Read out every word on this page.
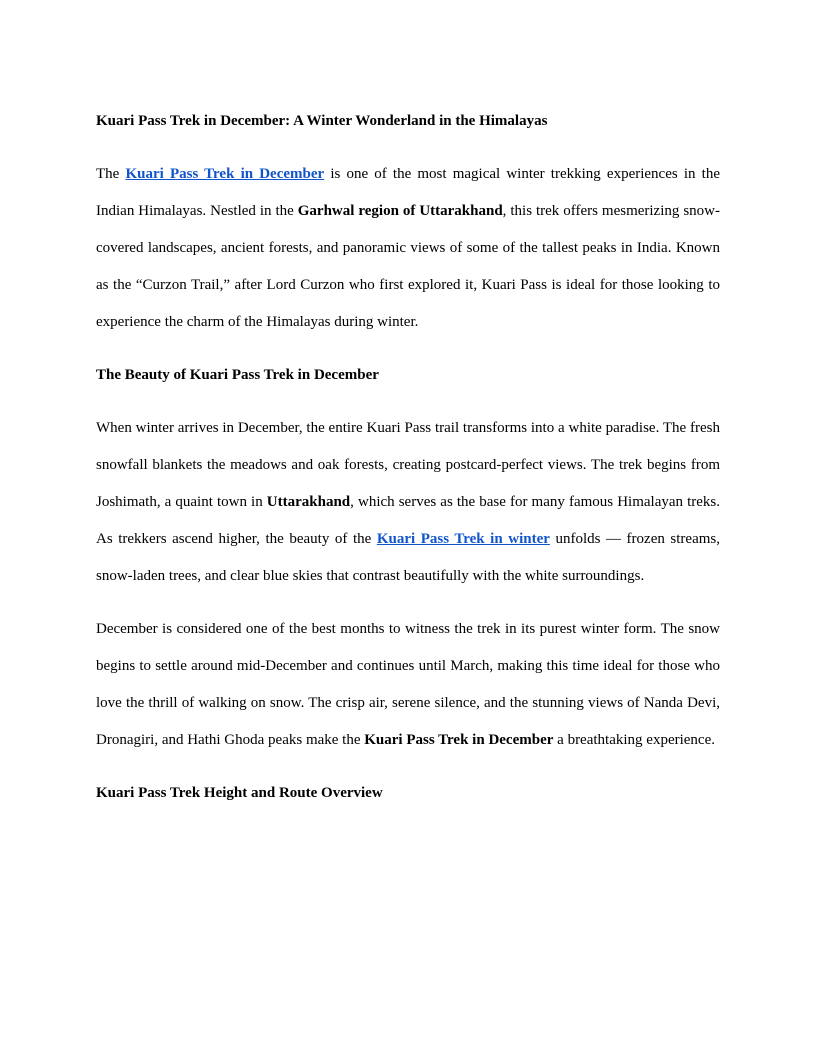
Kuari Pass Trek in December: A Winter Wonderland in the Himalayas

The Kuari Pass Trek in December is one of the most magical winter trekking experiences in the Indian Himalayas. Nestled in the Garhwal region of Uttarakhand, this trek offers mesmerizing snow-covered landscapes, ancient forests, and panoramic views of some of the tallest peaks in India. Known as the “Curzon Trail,” after Lord Curzon who first explored it, Kuari Pass is ideal for those looking to experience the charm of the Himalayas during winter.

The Beauty of Kuari Pass Trek in December

When winter arrives in December, the entire Kuari Pass trail transforms into a white paradise. The fresh snowfall blankets the meadows and oak forests, creating postcard-perfect views. The trek begins from Joshimath, a quaint town in Uttarakhand, which serves as the base for many famous Himalayan treks. As trekkers ascend higher, the beauty of the Kuari Pass Trek in winter unfolds — frozen streams, snow-laden trees, and clear blue skies that contrast beautifully with the white surroundings.

December is considered one of the best months to witness the trek in its purest winter form. The snow begins to settle around mid-December and continues until March, making this time ideal for those who love the thrill of walking on snow. The crisp air, serene silence, and the stunning views of Nanda Devi, Dronagiri, and Hathi Ghoda peaks make the Kuari Pass Trek in December a breathtaking experience.

Kuari Pass Trek Height and Route Overview
